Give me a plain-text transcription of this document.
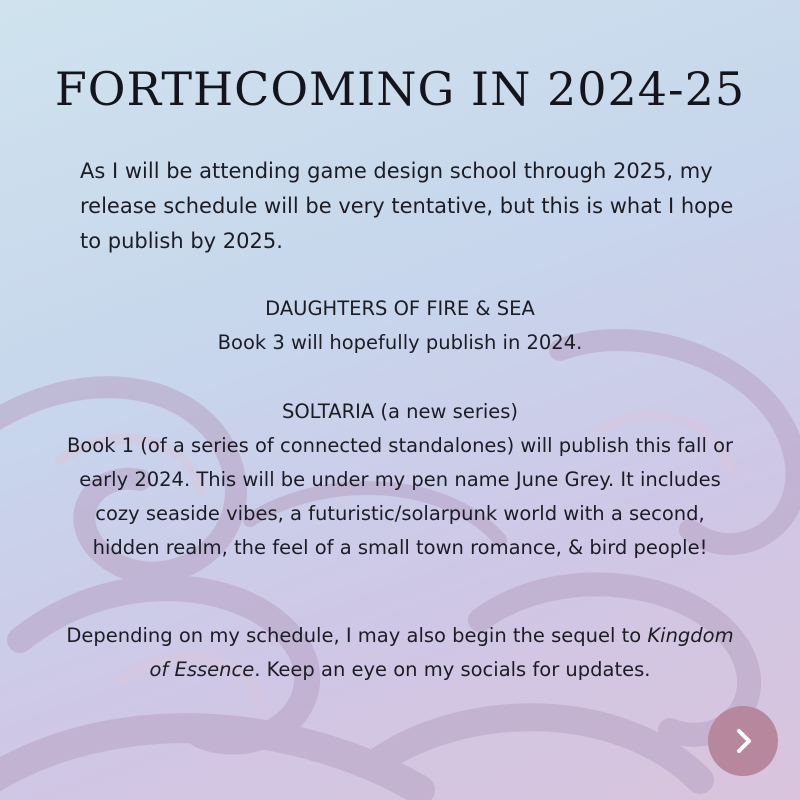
FORTHCOMING IN 2024-25
As I will be attending game design school through 2025, my release schedule will be very tentative, but this is what I hope to publish by 2025.

DAUGHTERS OF FIRE & SEA

Book 3 will hopefully publish in 2024.

SOLTARIA (a new series)

Book 1 (of a series of connected standalones) will publish this fall or early 2024. This will be under my pen name June Grey. It includes cozy seaside vibes, a futuristic/solarpunk world with a second, hidden realm, the feel of a small town romance, & bird people!

Depending on my schedule, I may also begin the sequel to Kingdom of Essence. Keep an eye on my socials for updates.
